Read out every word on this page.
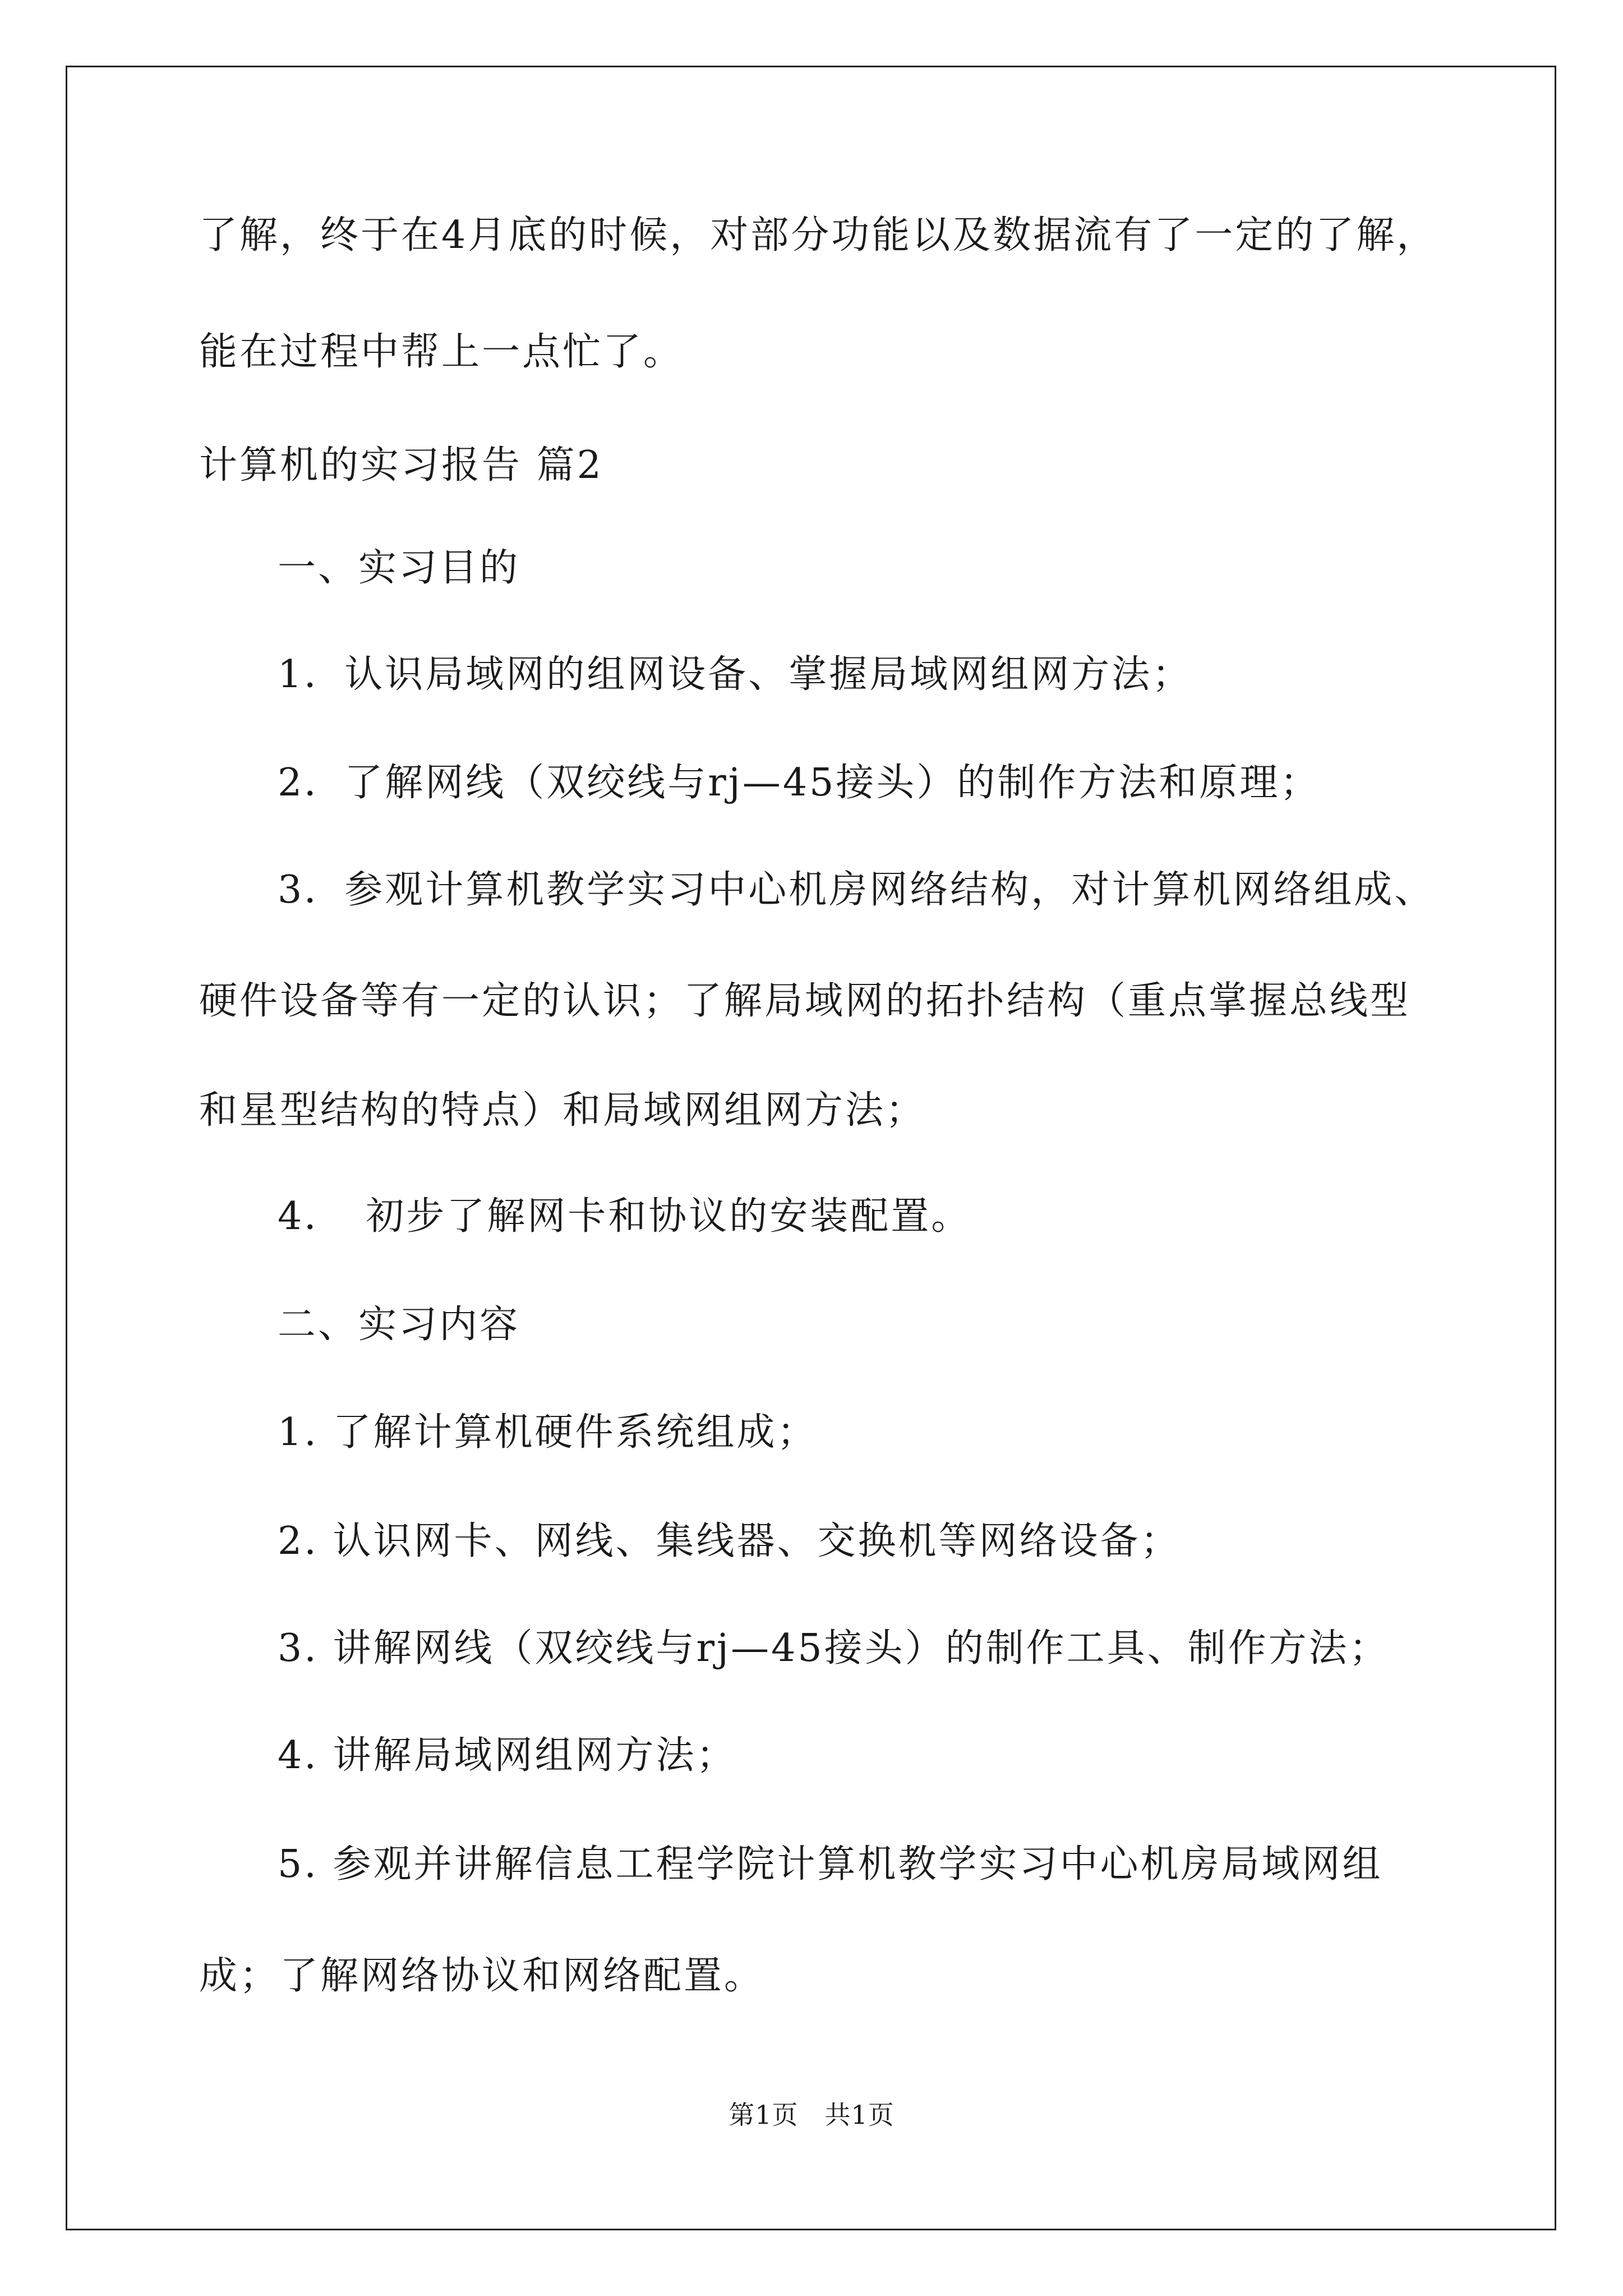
了解，终于在4月底的时候，对部分功能以及数据流有了一定的了解，
能在过程中帮上一点忙了。
计算机的实习报告 篇2
一、实习目的
1．认识局域网的组网设备、掌握局域网组网方法；
2．了解网线（双绞线与rj—45接头）的制作方法和原理；
3．参观计算机教学实习中心机房网络结构，对计算机网络组成、
硬件设备等有一定的认识；了解局域网的拓扑结构（重点掌握总线型
和星型结构的特点）和局域网组网方法；
4．　初步了解网卡和协议的安装配置。
二、实习内容
1. 了解计算机硬件系统组成；
2. 认识网卡、网线、集线器、交换机等网络设备；
3. 讲解网线（双绞线与rj—45接头）的制作工具、制作方法；
4. 讲解局域网组网方法；
5. 参观并讲解信息工程学院计算机教学实习中心机房局域网组
成；了解网络协议和网络配置。
第1页　共1页
